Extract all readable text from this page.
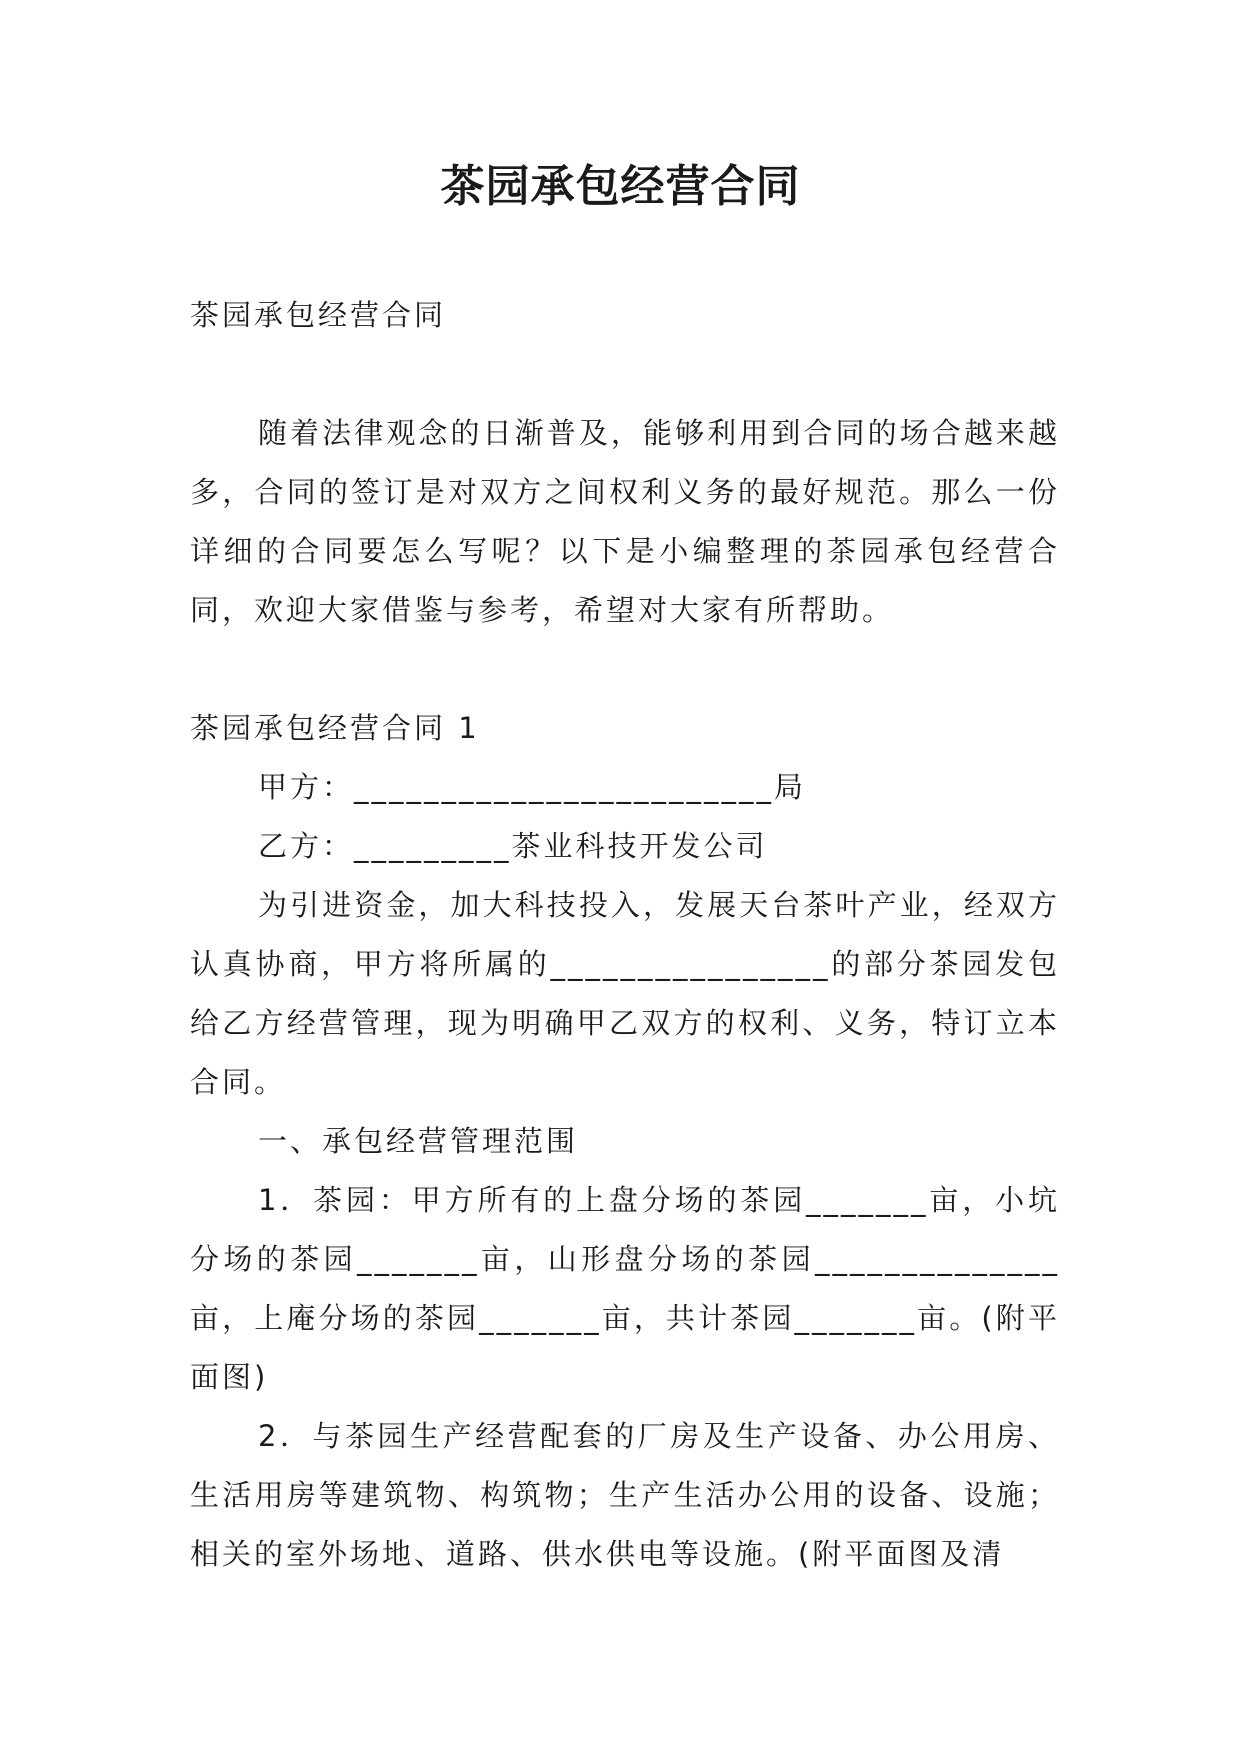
茶园承包经营合同

茶园承包经营合同

随着法律观念的日渐普及，能够利用到合同的场合越来越多，合同的签订是对双方之间权利义务的最好规范。那么一份详细的合同要怎么写呢？以下是小编整理的茶园承包经营合同，欢迎大家借鉴与参考，希望对大家有所帮助。

茶园承包经营合同 1

甲方：________________________局

乙方：_________茶业科技开发公司

为引进资金，加大科技投入，发展天台茶叶产业，经双方认真协商，甲方将所属的________________的部分茶园发包给乙方经营管理，现为明确甲乙双方的权利、义务，特订立本合同。

一、承包经营管理范围

1．茶园：甲方所有的上盘分场的茶园_______亩，小坑分场的茶园_______亩，山形盘分场的茶园______________亩，上庵分场的茶园_______亩，共计茶园_______亩。(附平面图)

2．与茶园生产经营配套的厂房及生产设备、办公用房、生活用房等建筑物、构筑物；生产生活办公用的设备、设施；相关的室外场地、道路、供水供电等设施。(附平面图及清
